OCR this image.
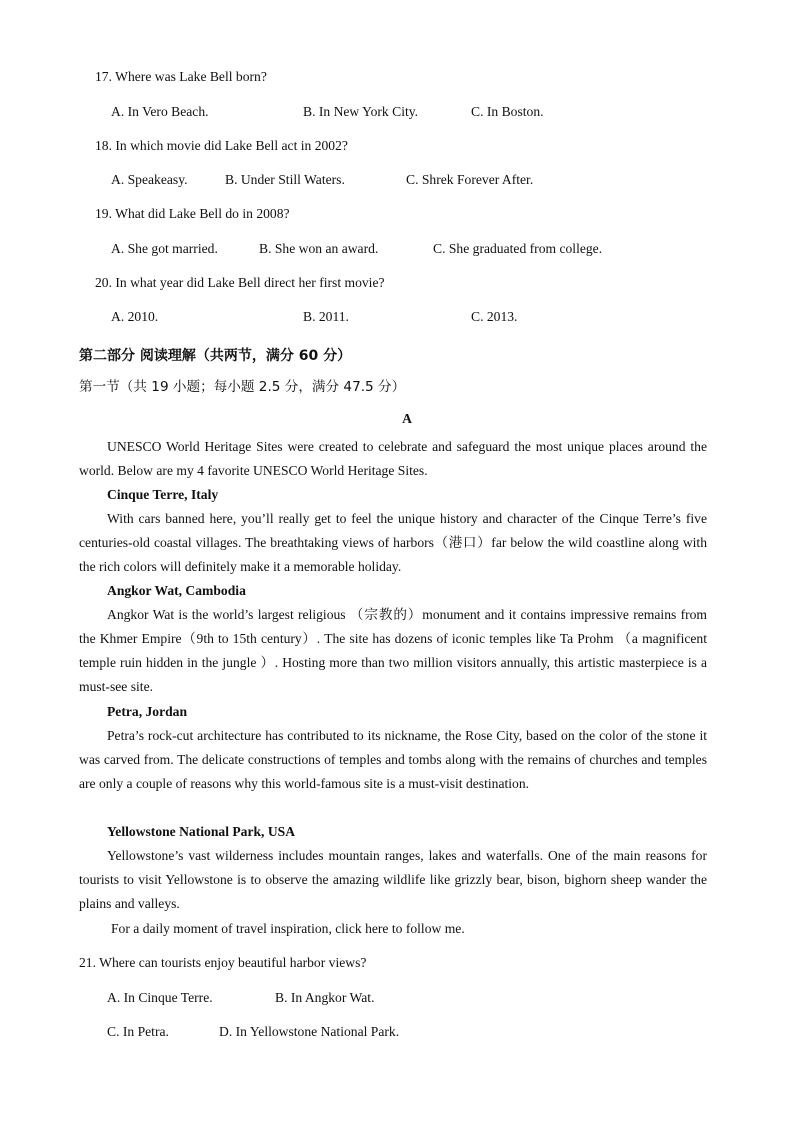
17. Where was Lake Bell born?
A. In Vero Beach.	B. In New York City.	C. In Boston.
18. In which movie did Lake Bell act in 2002?
A. Speakeasy.	B. Under Still Waters.	C. Shrek Forever After.
19. What did Lake Bell do in 2008?
A. She got married.	B. She won an award.	C. She graduated from college.
20. In what year did Lake Bell direct her first movie?
A. 2010.	B. 2011.	C. 2013.
第二部分 阅读理解（共两节，满分 60 分）
第一节（共 19 小题；每小题 2.5 分，满分 47.5 分）
A

UNESCO World Heritage Sites were created to celebrate and safeguard the most unique places around the world. Below are my 4 favorite UNESCO World Heritage Sites.

Cinque Terre, Italy

With cars banned here, you’ll really get to feel the unique history and character of the Cinque Terre’s five centuries-old coastal villages. The breathtaking views of harbors（港口）far below the wild coastline along with the rich colors will definitely make it a memorable holiday.

Angkor Wat, Cambodia

Angkor Wat is the world’s largest religious （宗教的）monument and it contains impressive remains from the Khmer Empire（9th to 15th century）. The site has dozens of iconic temples like Ta Prohm （a magnificent temple ruin hidden in the jungle ）. Hosting more than two million visitors annually, this artistic masterpiece is a must-see site.

Petra, Jordan

Petra’s rock-cut architecture has contributed to its nickname, the Rose City, based on the color of the stone it was carved from. The delicate constructions of temples and tombs along with the remains of churches and temples are only a couple of reasons why this world-famous site is a must-visit destination.

Yellowstone National Park, USA

Yellowstone’s vast wilderness includes mountain ranges, lakes and waterfalls. One of the main reasons for tourists to visit Yellowstone is to observe the amazing wildlife like grizzly bear, bison, bighorn sheep wander the plains and valleys.

For a daily moment of travel inspiration, click here to follow me.
21. Where can tourists enjoy beautiful harbor views?
A. In Cinque Terre.	B. In Angkor Wat.
C. In Petra.	D. In Yellowstone National Park.
